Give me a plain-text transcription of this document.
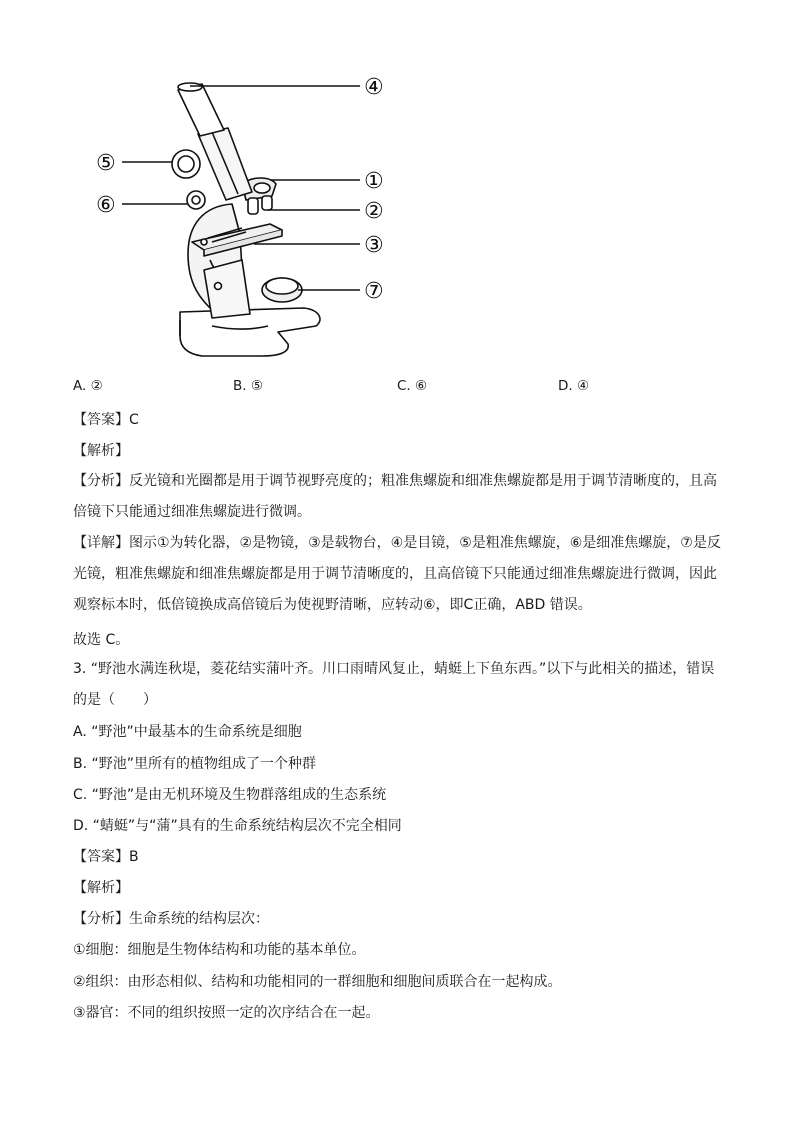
④
⑤
①
⑥	②
③
⑦
A. ②	B. ⑤	C. ⑥	D. ④
【答案】C
【解析】
【分析】反光镜和光圈都是用于调节视野亮度的；粗准焦螺旋和细准焦螺旋都是用于调节清晰度的，且高倍镜下只能通过细准焦螺旋进行微调。
【详解】图示①为转化器，②是物镜，③是载物台，④是目镜，⑤是粗准焦螺旋，⑥是细准焦螺旋，⑦是反光镜，粗准焦螺旋和细准焦螺旋都是用于调节清晰度的，且高倍镜下只能通过细准焦螺旋进行微调，因此观察标本时，低倍镜换成高倍镜后为使视野清晰，应转动⑥，即C正确，ABD 错误。
故选 C。
3. “野池水满连秋堤，菱花结实蒲叶齐。川口雨晴风复止，蜻蜓上下鱼东西。”以下与此相关的描述，错误的是（　　）
A. “野池”中最基本的生命系统是细胞
B. “野池”里所有的植物组成了一个种群
C. “野池”是由无机环境及生物群落组成的生态系统
D. “蜻蜓”与“蒲”具有的生命系统结构层次不完全相同
【答案】B
【解析】
【分析】生命系统的结构层次：
①细胞：细胞是生物体结构和功能的基本单位。
②组织：由形态相似、结构和功能相同的一群细胞和细胞间质联合在一起构成。
③器官：不同的组织按照一定的次序结合在一起。
